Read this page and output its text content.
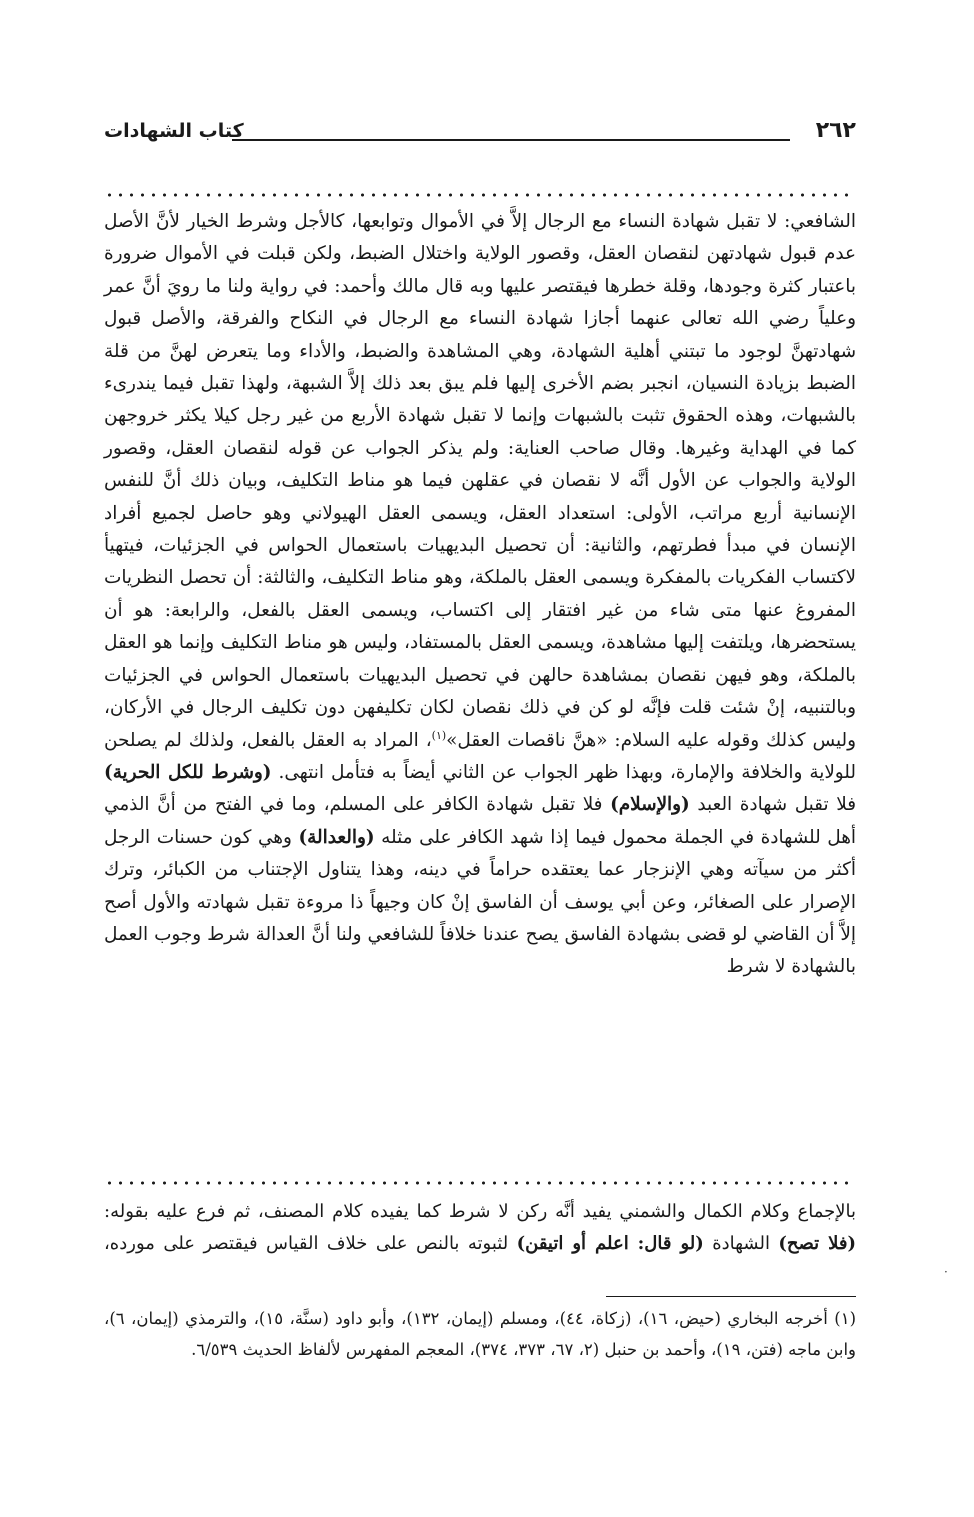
٢٦٢
كتاب الشهادات

الشافعي: لا تقبل شهادة النساء مع الرجال إلاَّ في الأموال وتوابعها، كالأجل وشرط الخيار لأنَّ الأصل عدم قبول شهادتهن لنقصان العقل، وقصور الولاية واختلال الضبط، ولكن قبلت في الأموال ضرورة باعتبار كثرة وجودها، وقلة خطرها فيقتصر عليها وبه قال مالك وأحمد: في رواية ولنا ما رويَ أنَّ عمر وعلياً رضي الله تعالى عنهما أجازا شهادة النساء مع الرجال في النكاح والفرقة، والأصل قبول شهادتهنَّ لوجود ما تبتني أهلية الشهادة، وهي المشاهدة والضبط، والأداء وما يتعرض لهنَّ من قلة الضبط بزيادة النسيان، انجبر بضم الأخرى إليها فلم يبق بعد ذلك إلاَّ الشبهة، ولهذا تقبل فيما يندرىء بالشبهات، وهذه الحقوق تثبت بالشبهات وإنما لا تقبل شهادة الأربع من غير رجل كيلا يكثر خروجهن كما في الهداية وغيرها. وقال صاحب العناية: ولم يذكر الجواب عن قوله لنقصان العقل، وقصور الولاية والجواب عن الأول أنَّه لا نقصان في عقلهن فيما هو مناط التكليف، وبيان ذلك أنَّ للنفس الإنسانية أربع مراتب، الأولى: استعداد العقل، ويسمى العقل الهيولاني وهو حاصل لجميع أفراد الإنسان في مبدأ فطرتهم، والثانية: أن تحصيل البديهيات باستعمال الحواس في الجزئيات، فيتهيأ لاكتساب الفكريات بالمفكرة ويسمى العقل بالملكة، وهو مناط التكليف، والثالثة: أن تحصل النظريات المفروغ عنها متى شاء من غير افتقار إلى اكتساب، ويسمى العقل بالفعل، والرابعة: هو أن يستحضرها، ويلتفت إليها مشاهدة، ويسمى العقل بالمستفاد، وليس هو مناط التكليف وإنما هو العقل بالملكة، وهو فيهن نقصان بمشاهدة حالهن في تحصيل البديهيات باستعمال الحواس في الجزئيات وبالتنبيه، إنْ شئت قلت فإنَّه لو كن في ذلك نقصان لكان تكليفهن دون تكليف الرجال في الأركان، وليس كذلك وقوله عليه السلام: «هنَّ ناقصات العقل»$^{(١)}$، المراد به العقل بالفعل، ولذلك لم يصلحن للولاية والخلافة والإمارة، وبهذا ظهر الجواب عن الثاني أيضاً به فتأمل انتهى. (وشرط للكل الحرية) فلا تقبل شهادة العبد (والإسلام) فلا تقبل شهادة الكافر على المسلم، وما في الفتح من أنَّ الذمي أهل للشهادة في الجملة محمول فيما إذا شهد الكافر على مثله (والعدالة) وهي كون حسنات الرجل أكثر من سيآته وهي الإنزجار عما يعتقده حراماً في دينه، وهذا يتناول الإجتناب من الكبائر، وترك الإصرار على الصغائر، وعن أبي يوسف أن الفاسق إنْ كان وجيهاً ذا مروءة تقبل شهادته والأول أصح إلاَّ أن القاضي لو قضى بشهادة الفاسق يصح عندنا خلافاً للشافعي ولنا أنَّ العدالة شرط وجوب العمل بالشهادة لا شرط

بالإجماع وكلام الكمال والشمني يفيد أنَّه ركن لا شرط كما يفيده كلام المصنف، ثم فرع عليه بقوله:

(فلا تصح) الشهادة (لو قال: اعلم أو اتيقن) لثبوته بالنص على خلاف القياس فيقتصر على مورده،

(١) أخرجه البخاري (حيض، ١٦)، (زكاة، ٤٤)، ومسلم (إيمان، ١٣٢)، وأبو داود (سنَّة، ١٥)، والترمذي (إيمان، ٦)، وابن ماجه (فتن، ١٩)، وأحمد بن حنبل (٢، ٦٧، ٣٧٣، ٣٧٤)، المعجم المفهرس لألفاظ الحديث ٦/٥٣٩.

·
